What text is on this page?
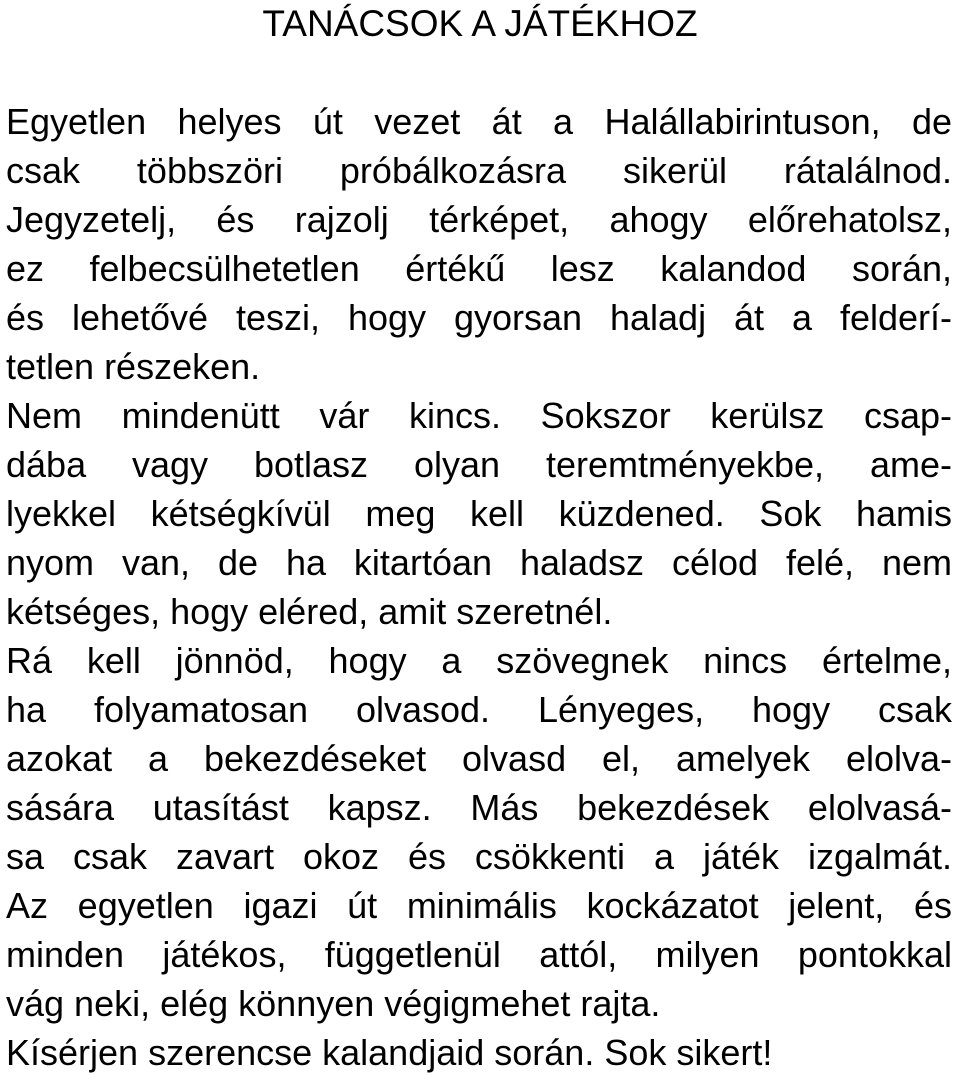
TANÁCSOK A JÁTÉKHOZ
Egyetlen helyes út vezet át a Halállabirintuson, de
csak többszöri próbálkozásra sikerül rátalálnod.
Jegyzetelj, és rajzolj térképet, ahogy előrehatolsz,
ez felbecsülhetetlen értékű lesz kalandod során,
és lehetővé teszi, hogy gyorsan haladj át a felderí-
tetlen részeken.
Nem mindenütt vár kincs. Sokszor kerülsz csap-
dába vagy botlasz olyan teremtményekbe, ame-
lyekkel kétségkívül meg kell küzdened. Sok hamis
nyom van, de ha kitartóan haladsz célod felé, nem
kétséges, hogy eléred, amit szeretnél.
Rá kell jönnöd, hogy a szövegnek nincs értelme,
ha folyamatosan olvasod. Lényeges, hogy csak
azokat a bekezdéseket olvasd el, amelyek elolva-
sására utasítást kapsz. Más bekezdések elolvasá-
sa csak zavart okoz és csökkenti a játék izgalmát.
Az egyetlen igazi út minimális kockázatot jelent, és
minden játékos, függetlenül attól, milyen pontokkal
vág neki, elég könnyen végigmehet rajta.
Kísérjen szerencse kalandjaid során. Sok sikert!
